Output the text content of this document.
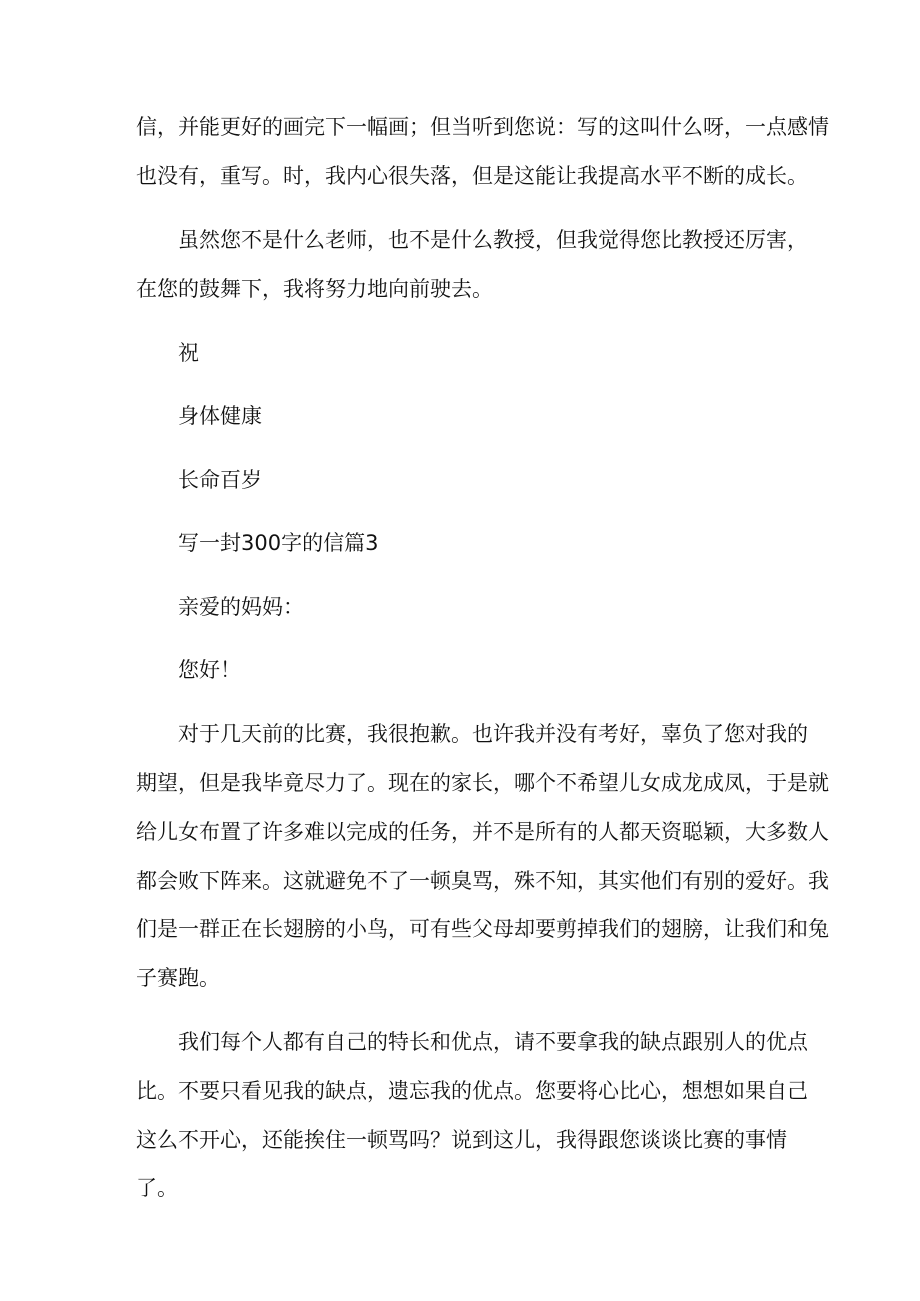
信，并能更好的画完下一幅画；但当听到您说：写的这叫什么呀，一点感情

也没有，重写。时，我内心很失落，但是这能让我提高水平不断的成长。

虽然您不是什么老师，也不是什么教授，但我觉得您比教授还厉害，

在您的鼓舞下，我将努力地向前驶去。

祝

身体健康

长命百岁

写一封300字的信篇3

亲爱的妈妈：

您好！

对于几天前的比赛，我很抱歉。也许我并没有考好，辜负了您对我的

期望，但是我毕竟尽力了。现在的家长，哪个不希望儿女成龙成凤，于是就

给儿女布置了许多难以完成的任务，并不是所有的人都天资聪颖，大多数人

都会败下阵来。这就避免不了一顿臭骂，殊不知，其实他们有别的爱好。我

们是一群正在长翅膀的小鸟，可有些父母却要剪掉我们的翅膀，让我们和兔

子赛跑。

我们每个人都有自己的特长和优点，请不要拿我的缺点跟别人的优点

比。不要只看见我的缺点，遗忘我的优点。您要将心比心，想想如果自己

这么不开心，还能挨住一顿骂吗？说到这儿，我得跟您谈谈比赛的事情

了。
